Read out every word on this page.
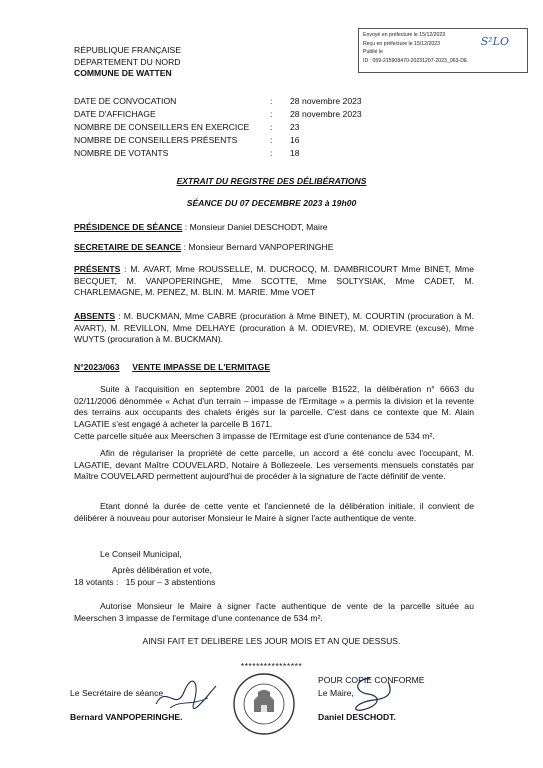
Envoyé en préfecture le 15/12/2023
Reçu en préfecture le 15/12/2023
Publié le
ID : 059-215908470-20231207-2023_063-DE
S²LO
RÉPUBLIQUE FRANÇAISE
DÉPARTEMENT DU NORD
COMMUNE DE WATTEN
DATE DE CONVOCATION	: 28 novembre 2023
DATE D'AFFICHAGE	: 28 novembre 2023
NOMBRE DE CONSEILLERS EN EXERCICE : 23
NOMBRE DE CONSEILLERS PRÉSENTS	: 16
NOMBRE DE VOTANTS	: 18
EXTRAIT DU REGISTRE DES DÉLIBÉRATIONS
SÉANCE DU 07 DECEMBRE 2023 à 19h00
PRÉSIDENCE DE SÉANCE : Monsieur Daniel DESCHODT, Maire
SECRETAIRE DE SEANCE : Monsieur Bernard VANPOPERINGHE
PRÉSENTS : M. AVART, Mme ROUSSELLE, M. DUCROCQ, M. DAMBRICOURT Mme BINET, Mme BECQUET, M. VANPOPERINGHE, Mme SCOTTE, Mme SOLTYSIAK, Mme CADET, M. CHARLEMAGNE, M. PENEZ, M. BLIN. M. MARIE. Mme VOET
ABSENTS : M. BUCKMAN, Mme CABRE (procuration à Mme BINET), M. COURTIN (procuration à M. AVART), M. REVILLON, Mme DELHAYE (procuration à M. ODIEVRE), M. ODIEVRE (excusé), Mme WUYTS (procuration à M. BUCKMAN).
N°2023/063 VENTE IMPASSE DE L'ERMITAGE
Suite à l'acquisition en septembre 2001 de la parcelle B1522, la délibération n° 6663 du 02/11/2006 dénommée « Achat d'un terrain – impasse de l'Ermitage » a permis la division et la revente des terrains aux occupants des chalets érigés sur la parcelle. C'est dans ce contexte que M. Alain LAGATIE s'est engagé à acheter la parcelle B 1671.
Cette parcelle située aux Meerschen 3 impasse de l'Ermitage est d'une contenance de 534 m².
Afin de régulariser la propriété de cette parcelle, un accord a été conclu avec l'occupant, M. LAGATIE, devant Maître COUVELARD, Notaire à Bollezeele. Les versements mensuels constatés par Maître COUVELARD permettent aujourd'hui de procéder à la signature de l'acte définitif de vente.
Etant donné la durée de cette vente et l'ancienneté de la délibération initiale, il convient de délibérer à nouveau pour autoriser Monsieur le Maire à signer l'acte authentique de vente.
Le Conseil Municipal,
Après délibération et vote,
18 votants :   15 pour – 3 abstentions
Autorise Monsieur le Maire à signer l'acte authentique de vente de la parcelle située au Meerschen 3 impasse de l'ermitage d'une contenance de 534 m².
AINSI FAIT ET DELIBERE LES JOUR MOIS ET AN QUE DESSUS.
****************
Le Secrétaire de séance
Bernard VANPOPERINGHE.
POUR COPIE CONFORME
Le Maire,
Daniel DESCHODT.
